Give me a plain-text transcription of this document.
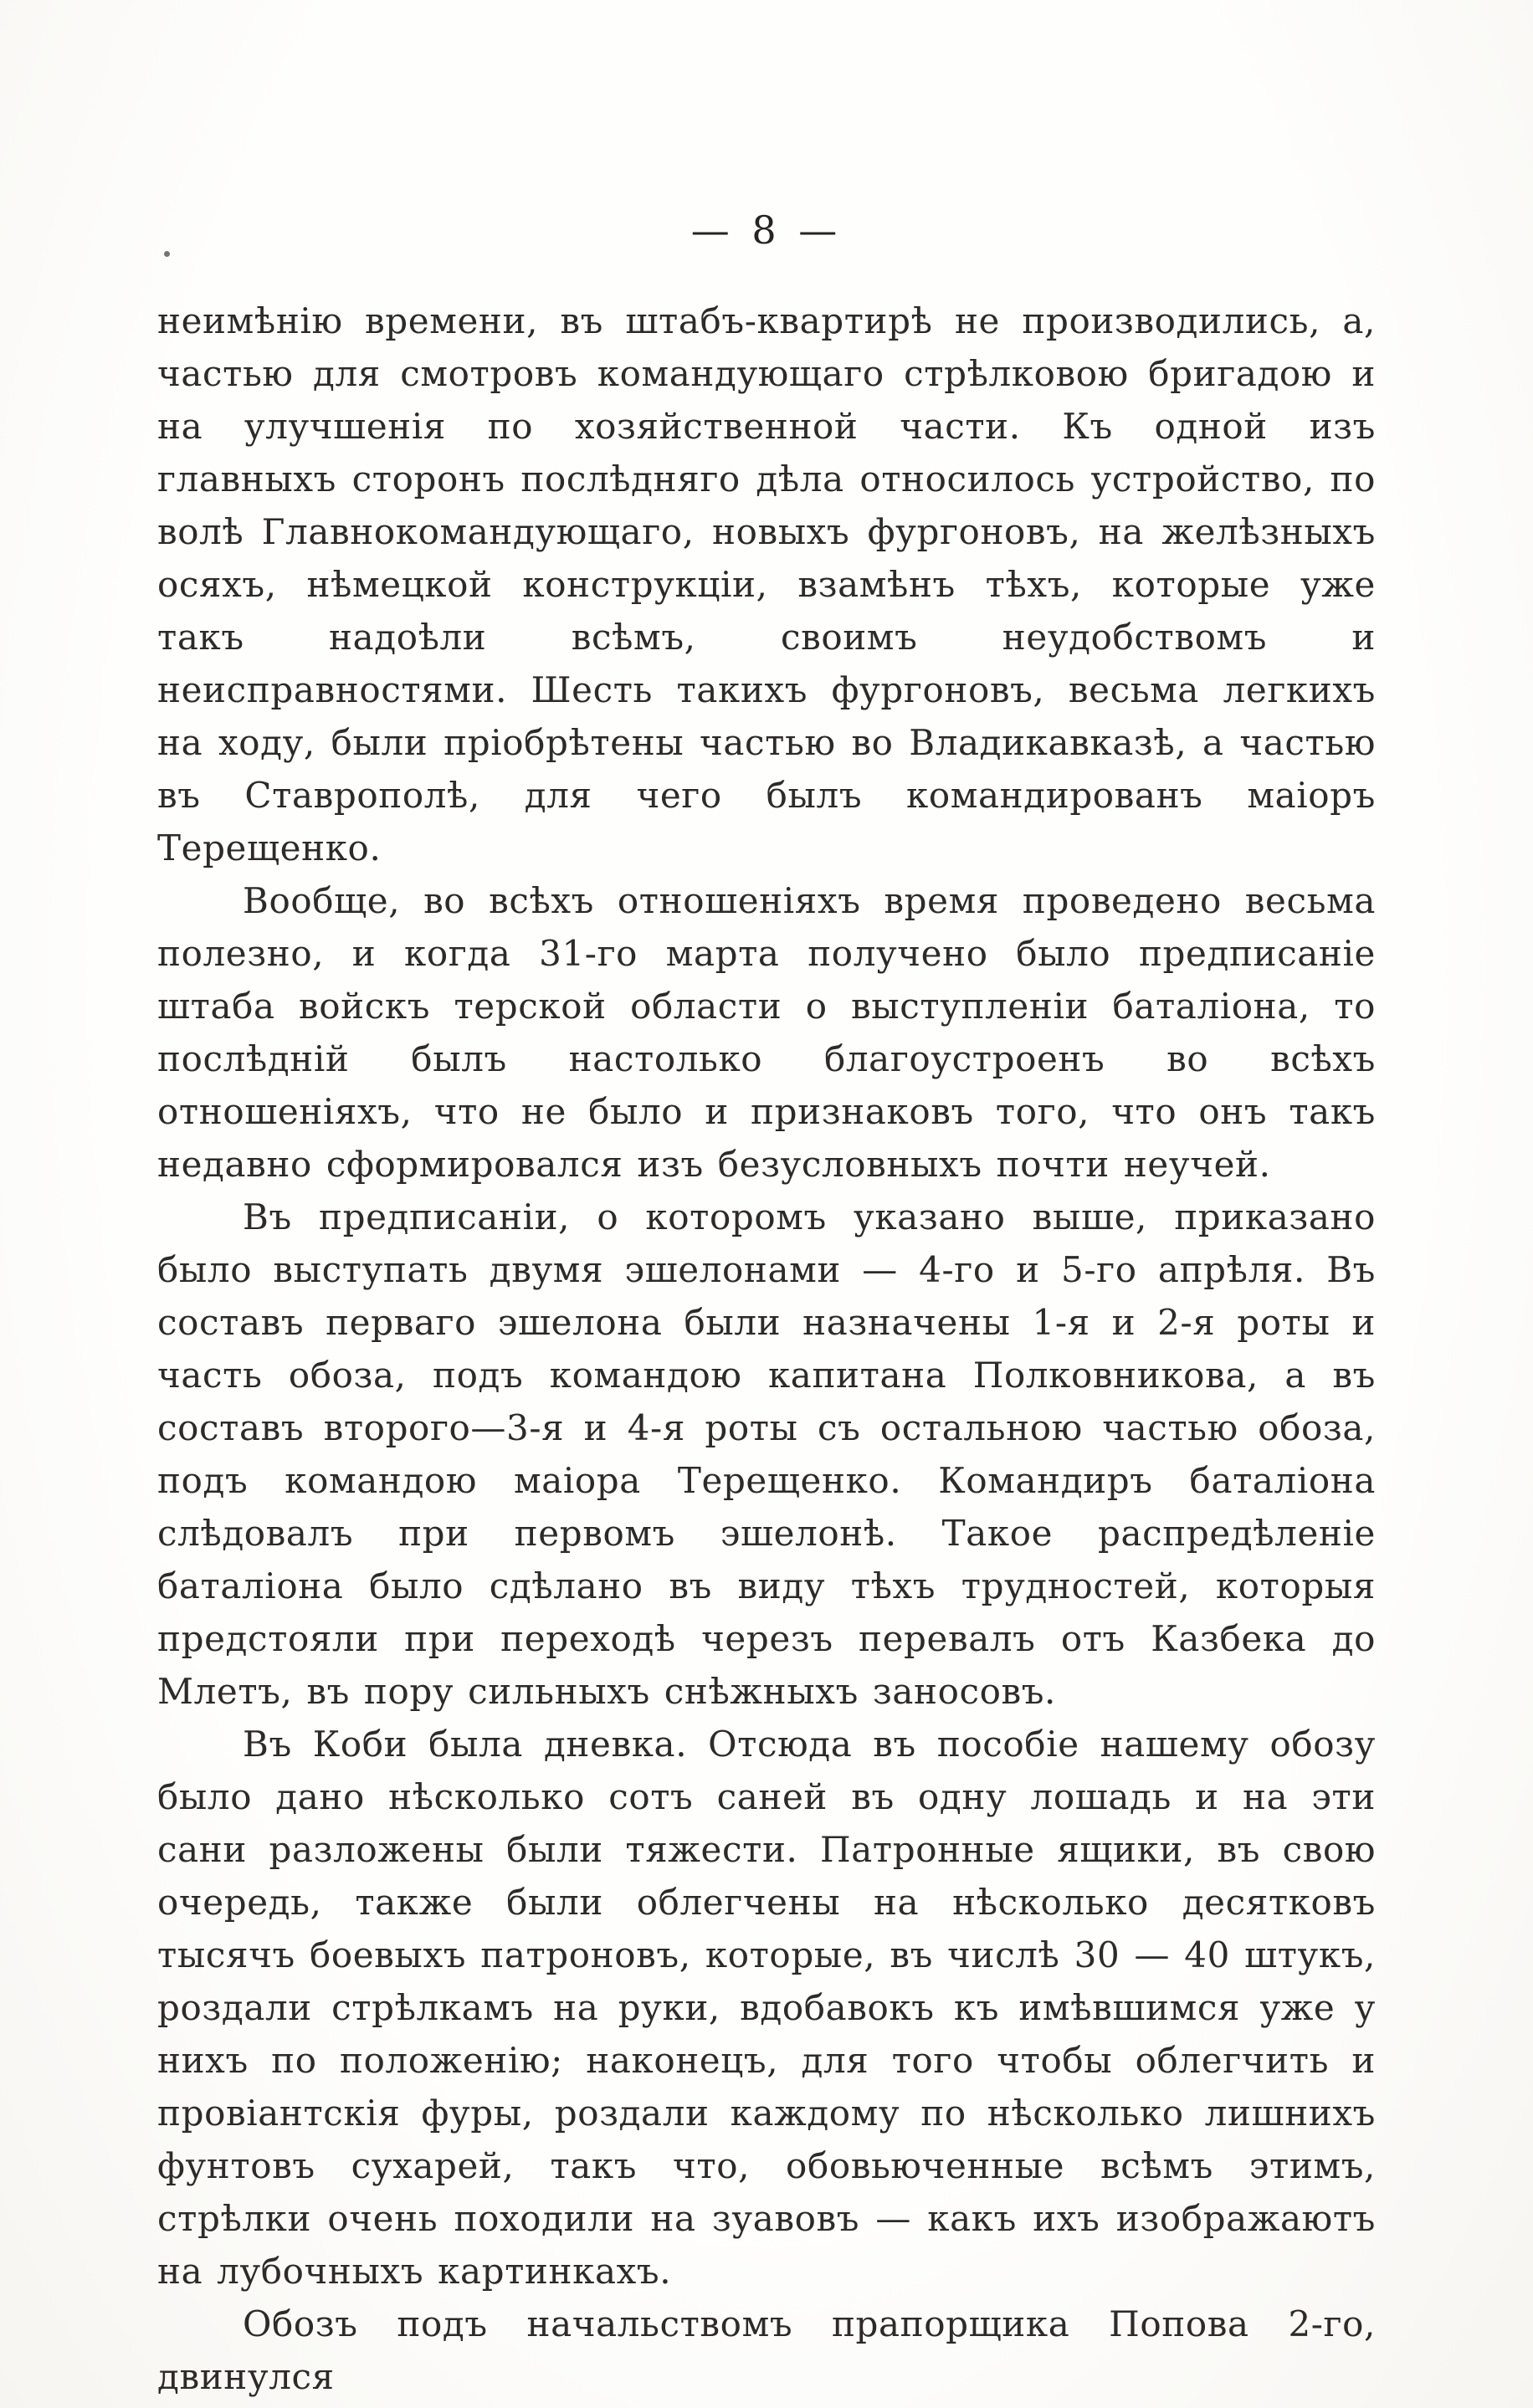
— 8 —

неимѣнію времени, въ штабъ-квартирѣ не производились, а, частью для смотровъ командующаго стрѣлковою бригадою и на улучшенія по хозяйственной части. Къ одной изъ главныхъ сторонъ послѣдняго дѣла относилось устройство, по волѣ Главнокомандующаго, новыхъ фургоновъ, на желѣзныхъ осяхъ, нѣмецкой конструкціи, взамѣнъ тѣхъ, которые уже такъ надоѣли всѣмъ, своимъ неудобствомъ и неисправностями. Шесть такихъ фургоновъ, весьма легкихъ на ходу, были пріобрѣтены частью во Владикавказѣ, а частью въ Ставрополѣ, для чего былъ командированъ маіоръ Терещенко.

Вообще, во всѣхъ отношеніяхъ время проведено весьма полезно, и когда 31-го марта получено было предписаніе штаба войскъ терской области о выступленіи баталіона, то послѣдній былъ настолько благоустроенъ во всѣхъ отношеніяхъ, что не было и признаковъ того, что онъ такъ недавно сформировался изъ безусловныхъ почти неучей.

Въ предписаніи, о которомъ указано выше, приказано было выступать двумя эшелонами — 4-го и 5-го апрѣля. Въ составъ перваго эшелона были назначены 1-я и 2-я роты и часть обоза, подъ командою капитана Полковникова, а въ составъ второго—3-я и 4-я роты съ остальною частью обоза, подъ командою маіора Терещенко. Командиръ баталіона слѣдовалъ при первомъ эшелонѣ. Такое распредѣленіе баталіона было сдѣлано въ виду тѣхъ трудностей, которыя предстояли при переходѣ черезъ перевалъ отъ Казбека до Млетъ, въ пору сильныхъ снѣжныхъ заносовъ.

Въ Коби была дневка. Отсюда въ пособіе нашему обозу было дано нѣсколько сотъ саней въ одну лошадь и на эти сани разложены были тяжести. Патронные ящики, въ свою очередь, также были облегчены на нѣсколько десятковъ тысячъ боевыхъ патроновъ, которые, въ числѣ 30 — 40 штукъ, роздали стрѣлкамъ на руки, вдобавокъ къ имѣвшимся уже у нихъ по положенію; наконецъ, для того чтобы облегчить и провіантскія фуры, роздали каждому по нѣсколько лишнихъ фунтовъ сухарей, такъ что, обовьюченные всѣмъ этимъ, стрѣлки очень походили на зуавовъ — какъ ихъ изображаютъ на лубочныхъ картинкахъ.

Обозъ подъ начальствомъ прапорщика Попова 2-го, двинулся
